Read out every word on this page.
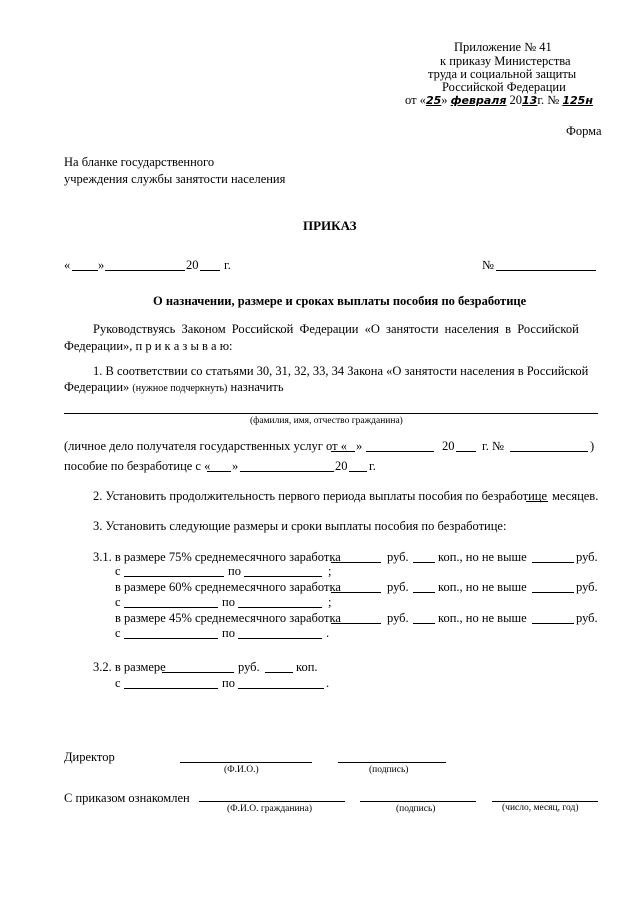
Приложение № 41
к приказу Министерства
труда и социальной защиты
Российской Федерации
от «25» февраля 2013г. № 125н
Форма
На бланке государственного
учреждения службы занятости населения
ПРИКАЗ
« »	20 г.	№
О назначении, размере и сроках выплаты пособия по безработице
Руководствуясь Законом Российской Федерации «О занятости населения в Российской
Федерации», п р и к а з ы в а ю:
1. В соответствии со статьями 30, 31, 32, 33, 34 Закона «О занятости населения в Российской
Федерации» (нужное подчеркнуть) назначить
(фамилия, имя, отчество гражданина)
(личное дело получателя государственных услуг от « »	20 г. №	)
пособие по безработице с « »	20 г.
2. Установить продолжительность первого периода выплаты пособия по безработице месяцев.
3. Установить следующие размеры и сроки выплаты пособия по безработице:
3.1. в размере 75% среднемесячного заработка	руб. коп., но не выше	руб.
с	по	;
в размере 60% среднемесячного заработка	руб. коп., но не выше	руб.
с	по	;
в размере 45% среднемесячного заработка	руб. коп., но не выше	руб.
с	по	.
3.2. в размере	руб.	коп.
с	по	.
Директор
(Ф.И.О.)	(подпись)
С приказом ознакомлен
(Ф.И.О. гражданина)	(подпись)	(число, месяц, год)
